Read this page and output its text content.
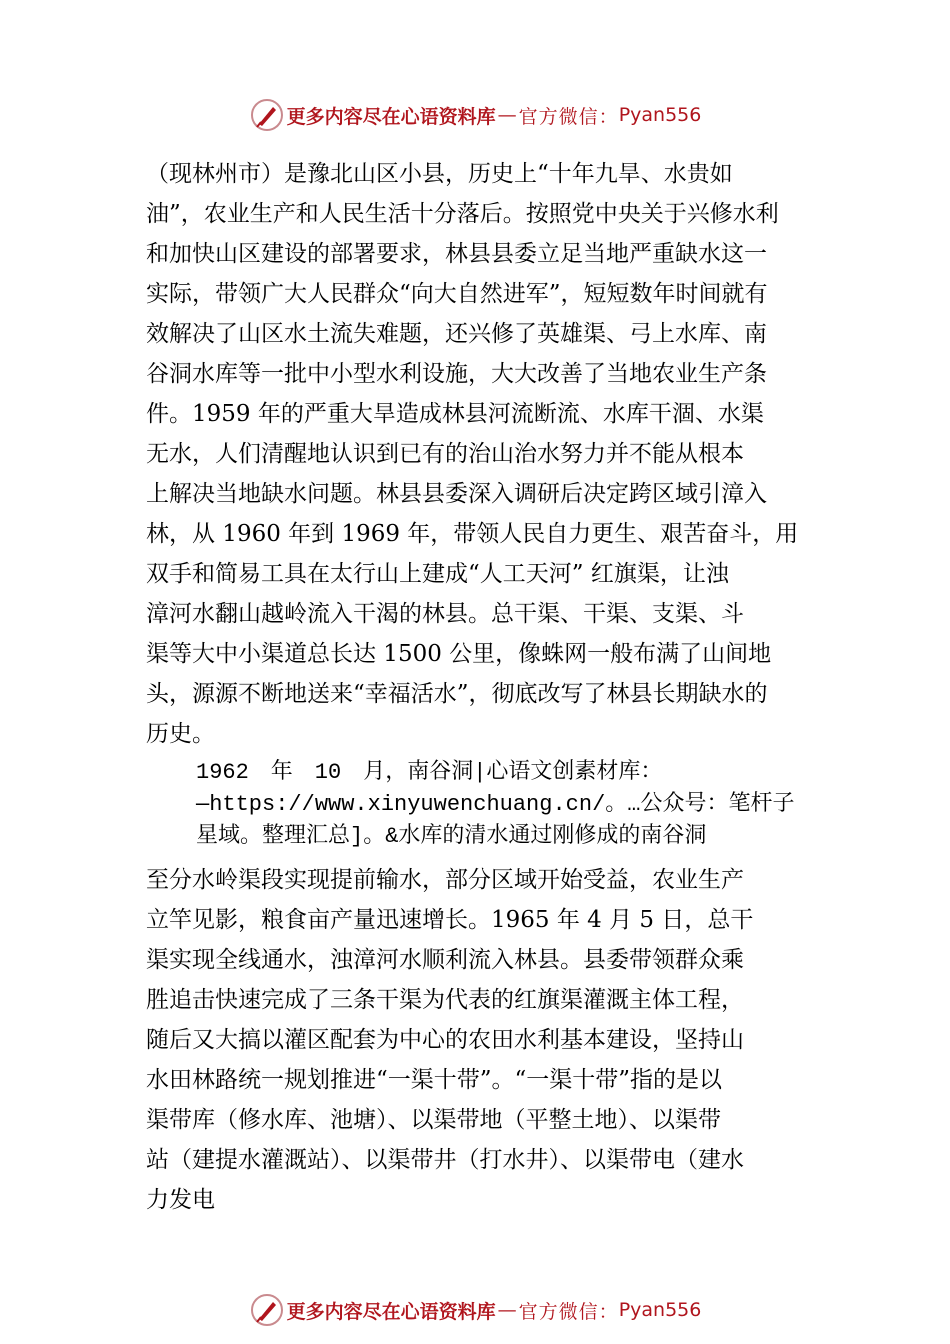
更多内容尽在心语资料库 — 官方微信： Pyan556
（现林州市）是豫北山区小县，历史上“十年九旱、水贵如
油”，农业生产和人民生活十分落后。按照党中央关于兴修水利
和加快山区建设的部署要求，林县县委立足当地严重缺水这一
实际，带领广大人民群众“向大自然进军”，短短数年时间就有
效解决了山区水土流失难题，还兴修了英雄渠、弓上水库、南
谷洞水库等一批中小型水利设施，大大改善了当地农业生产条
件。1959 年的严重大旱造成林县河流断流、水库干涸、水渠
无水，人们清醒地认识到已有的治山治水努力并不能从根本
上解决当地缺水问题。林县县委深入调研后决定跨区域引漳入
林，从 1960 年到 1969 年，带领人民自力更生、艰苦奋斗，用
双手和简易工具在太行山上建成“人工天河” 红旗渠，让浊
漳河水翻山越岭流入干渴的林县。总干渠、干渠、支渠、斗
渠等大中小渠道总长达 1500 公里，像蛛网一般布满了山间地
头，源源不断地送来“幸福活水”，彻底改写了林县长期缺水的
历史。
1962　年　10　月，南谷洞|心语文创素材库：
—https://www.xinyuwenchuang.cn/。…公众号：笔杆子
星域。整理汇总]。&水库的清水通过刚修成的南谷洞
至分水岭渠段实现提前输水，部分区域开始受益，农业生产
立竿见影，粮食亩产量迅速增长。1965 年 4 月 5 日，总干
渠实现全线通水，浊漳河水顺利流入林县。县委带领群众乘
胜追击快速完成了三条干渠为代表的红旗渠灌溉主体工程，
随后又大搞以灌区配套为中心的农田水利基本建设，坚持山
水田林路统一规划推进“一渠十带”。“一渠十带”指的是以
渠带库（修水库、池塘）、以渠带地（平整土地）、以渠带
站（建提水灌溉站）、以渠带井（打水井）、以渠带电（建水
力发电
更多内容尽在心语资料库 — 官方微信： Pyan556
